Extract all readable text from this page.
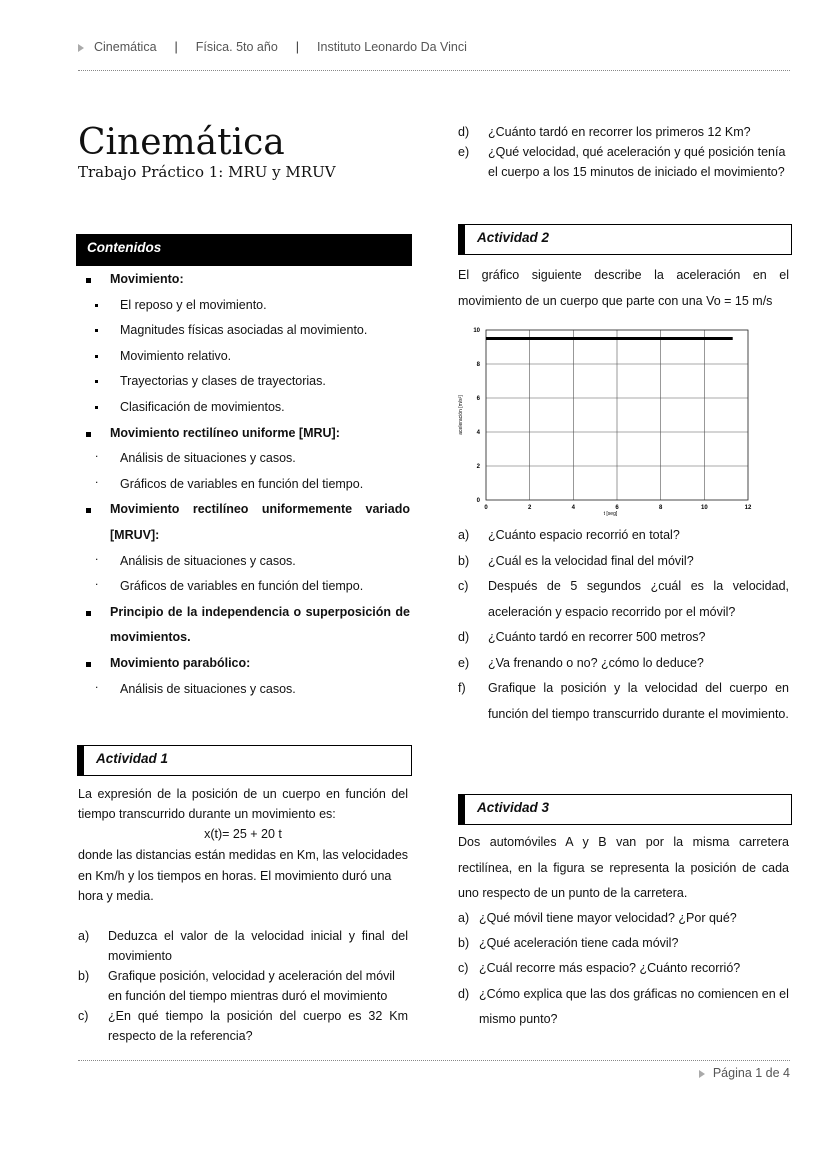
Cinemática | Física. 5to año | Instituto Leonardo Da Vinci
Cinemática
Trabajo Práctico 1: MRU y MRUV
Contenidos
Movimiento:
El reposo y el movimiento.
Magnitudes físicas asociadas al movimiento.
Movimiento relativo.
Trayectorias y clases de trayectorias.
Clasificación de movimientos.
Movimiento rectilíneo uniforme [MRU]:
.	Análisis de situaciones y casos.
.	Gráficos de variables en función del tiempo.
Movimiento rectilíneo uniformemente variado
[MRUV]:
.	Análisis de situaciones y casos.
.	Gráficos de variables en función del tiempo.
Principio de la independencia o superposición de
movimientos.
Movimiento parabólico:
.	Análisis de situaciones y casos.
Actividad 1
La expresión de la posición de un cuerpo en función del tiempo transcurrido durante un movimiento es:
x(t)= 25 + 20 t
donde las distancias están medidas en Km, las velocidades en Km/h y los tiempos en horas. El movimiento duró una hora y media.
a)	Deduzca el valor de la velocidad inicial y final del movimiento
b)	Grafique posición, velocidad y aceleración del móvil en función del tiempo mientras duró el movimiento
c)	¿En qué tiempo la posición del cuerpo es 32 Km respecto de la referencia?
d)	¿Cuánto tardó en recorrer los primeros 12 Km?
e)	¿Qué velocidad, qué aceleración y qué posición tenía el cuerpo a los 15 minutos de iniciado el movimiento?
Actividad 2
El gráfico siguiente describe la aceleración en el movimiento de un cuerpo que parte con una Vo = 15 m/s
0	2	4	6	8	10	12
0
2
4
6
8
10
t [seg]
aceleración [m/s²]
a)	¿Cuánto espacio recorrió en total?
b)	¿Cuál es la velocidad final del móvil?
c)	Después de 5 segundos ¿cuál es la velocidad, aceleración y espacio recorrido por el móvil?
d)	¿Cuánto tardó en recorrer 500 metros?
e)	¿Va frenando o no? ¿cómo lo deduce?
f)	Grafique la posición y la velocidad del cuerpo en función del tiempo transcurrido durante el movimiento.
Actividad 3
Dos automóviles A y B van por la misma carretera rectilínea, en la figura se representa la posición de cada uno respecto de un punto de la carretera.
a) ¿Qué móvil tiene mayor velocidad? ¿Por qué?
b) ¿Qué aceleración tiene cada móvil?
c) ¿Cuál recorre más espacio? ¿Cuánto recorrió?
d) ¿Cómo explica que las dos gráficas no comiencen en el mismo punto?
Página 1 de 4
